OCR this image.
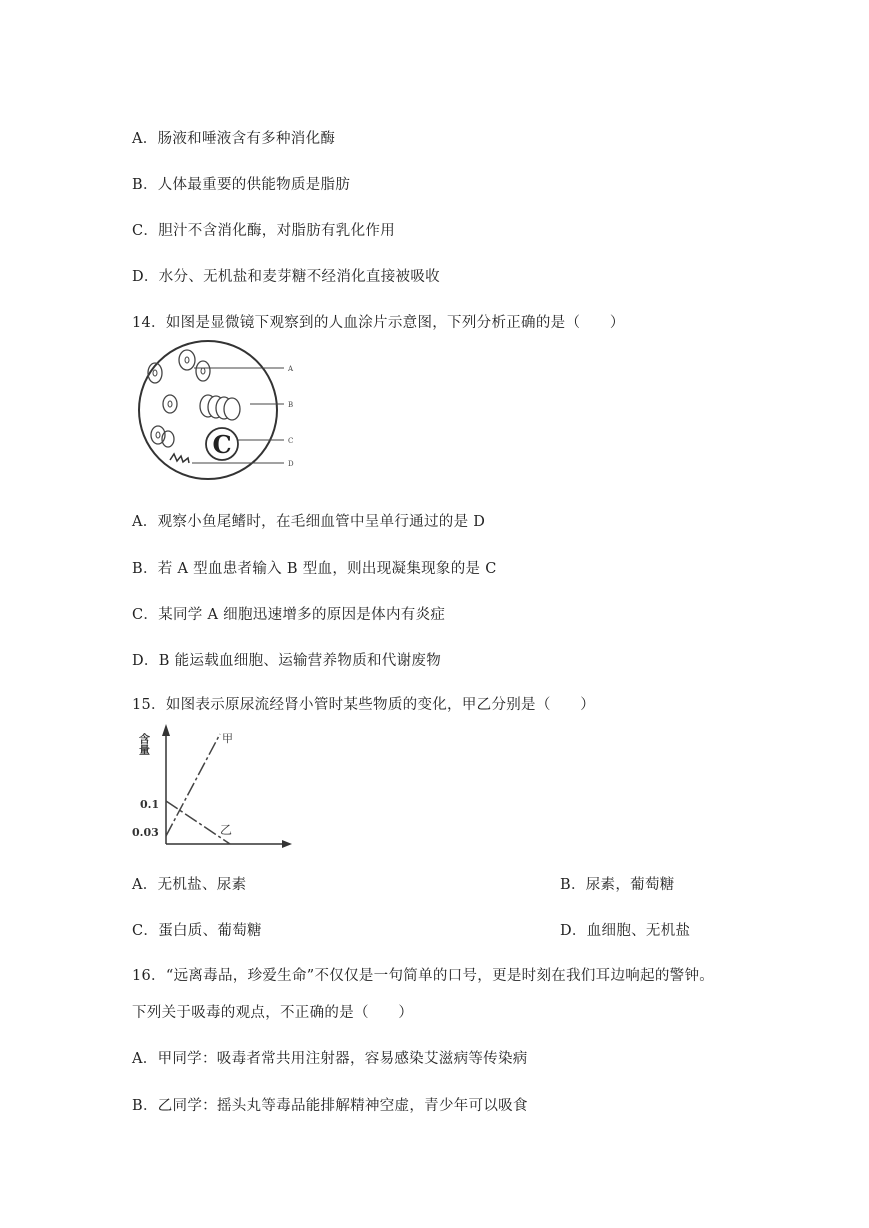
A．肠液和唾液含有多种消化酶
B．人体最重要的供能物质是脂肪
C．胆汁不含消化酶，对脂肪有乳化作用
D．水分、无机盐和麦芽糖不经消化直接被吸收
14．如图是显微镜下观察到的人血涂片示意图，下列分析正确的是（　　）
C
A
B
C
D
A．观察小鱼尾鳍时，在毛细血管中呈单行通过的是 D
B．若 A 型血患者输入 B 型血，则出现凝集现象的是 C
C．某同学 A 细胞迅速增多的原因是体内有炎症
D．B 能运载血细胞、运输营养物质和代谢废物
15．如图表示原尿流经肾小管时某些物质的变化，甲乙分别是（　　）
含量
0.1
0.03
甲
乙
A．无机盐、尿素	B．尿素，葡萄糖
C．蛋白质、葡萄糖	D．血细胞、无机盐
16．“远离毒品，珍爱生命”不仅仅是一句简单的口号，更是时刻在我们耳边响起的警钟。
下列关于吸毒的观点，不正确的是（　　）
A．甲同学：吸毒者常共用注射器，容易感染艾滋病等传染病
B．乙同学：摇头丸等毒品能排解精神空虚，青少年可以吸食
